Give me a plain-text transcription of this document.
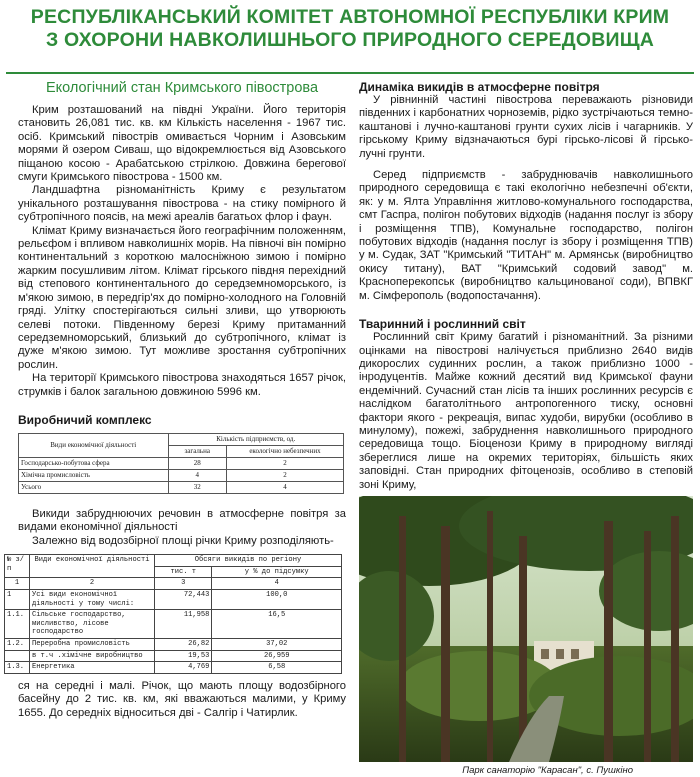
РЕСПУБЛІКАНСЬКИЙ КОМІТЕТ АВТОНОМНОЇ РЕСПУБЛІКИ КРИМ
З ОХОРОНИ НАВКОЛИШНЬОГО ПРИРОДНОГО СЕРЕДОВИЩА
Екологічний стан Кримського півострова

Крим розташований на півдні України. Його територія становить 26,081 тис. кв. км Кількість населення - 1967 тис. осіб. Кримський півострів омивається Чорним і Азовським морями й озером Сиваш, що відокремлюється від Азовського піщаною косою - Арабатською стрілкою. Довжина берегової смуги Кримського півострова - 1500 км.

Ландшафтна різноманітність Криму є результатом унікального розташування півострова - на стику помірного й субтропічного поясів, на межі ареалів багатьох флор і фаун.

Клімат Криму визначається його географічним положенням, рельєфом і впливом навколишніх морів. На півночі він помірно континентальний з короткою малосніжною зимою і помірно жарким посушливим літом. Клімат гірського півдня перехідний від степового континентального до середземноморського, із м'якою зимою, в передгір'ях до помірно-холодного на Головній гряді. Улітку спостерігаються сильні зливи, що утворюють селеві потоки. Південному березі Криму притаманний середземноморський, близький до субтропічного, клімат із дуже м'якою зимою. Тут можливе зростання субтропічних рослин.

На території Кримського півострова знаходяться 1657 річок, струмків і балок загальною довжиною 5996 км.

Виробничий комплекс
Види економічної діяльності	Кількість підприємств, од.	
	загальна	екологічно небезпечних
Господарсько-побутова сфера	28	2
Хімічна промисловість	4	2
Усього	32	4

Викиди забруднюючих речовин в атмосферне повітря за видами економічної діяльності

Залежно від водозбірної площі річки Криму розподіляють-

№ з/п	Види економічної діяльності	Обсяги викидів по регіону	
		тис. т	у % до підсумку
1	2	3	4
1	Усі види економічної діяльності у тому числі:	72,443	100,0
1.1.	Сільське господарство, мисливство, лісове господарство	11,958	16,5
1.2.	Переробна промисловість	26,82	37,02
	в т.ч .хімічне виробництво	19,53	26,959
1.3.	Енергетика	4,769	6,58

ся на середні і малі. Річок, що мають площу водозбірного басейну до 2 тис. кв. км, які вважаються малими, у Криму 1655. До середніх відноситься дві - Салгір і Чатирлик.

Динаміка викидів в атмосферне повітря

У рівнинній частині півострова переважають різновиди південних і карбонатних чорноземів, рідко зустрічаються темно-каштанові і лучно-каштанові грунти сухих лісів і чагарників. У гірському Криму відзначаються бурі гірсько-лісові й гірсько-лучні грунти.

Серед підприємств - забруднювачів навколишнього природного середовища є такі екологічно небезпечні об'єкти, як: у м. Ялта Управління житлово-комунального господарства, смт Гаспра, полігон побутових відходів (надання послуг із збору і розміщення ТПВ), Комунальне господарство, полігон побутових відходів (надання послуг із збору і розміщення ТПВ) у м. Судак, ЗАТ "Кримський "ТИТАН" м. Армянськ (виробництво окису титану), ВАТ "Кримський содовий завод" м. Красноперекопськ (виробництво кальцинованої соди), ВПВКГ м. Сімферополь (водопостачання).

Тваринний і рослинний світ

Рослинний світ Криму багатий і різноманітний. За різними оцінками на півострові налічується приблизно 2640 видів дикорослих судинних рослин, а також приблизно 1000 - інродуцентів. Майже кожний десятий вид Кримської фауни ендемічний. Сучасний стан лісів та інших рослинних ресурсів є наслідком багатолітнього антропогенного тиску, основні фактори якого - рекреація, випас худоби, вирубки (особливо в минулому), пожежі, забруднення навколишнього природного середовища тощо. Біоценози Криму в природному вигляді збереглися лише на окремих територіях, більшість яких заповідні. Стан природних фітоценозів, особливо в степовій зоні Криму,

Парк санаторію "Карасан", с. Пушкіно
